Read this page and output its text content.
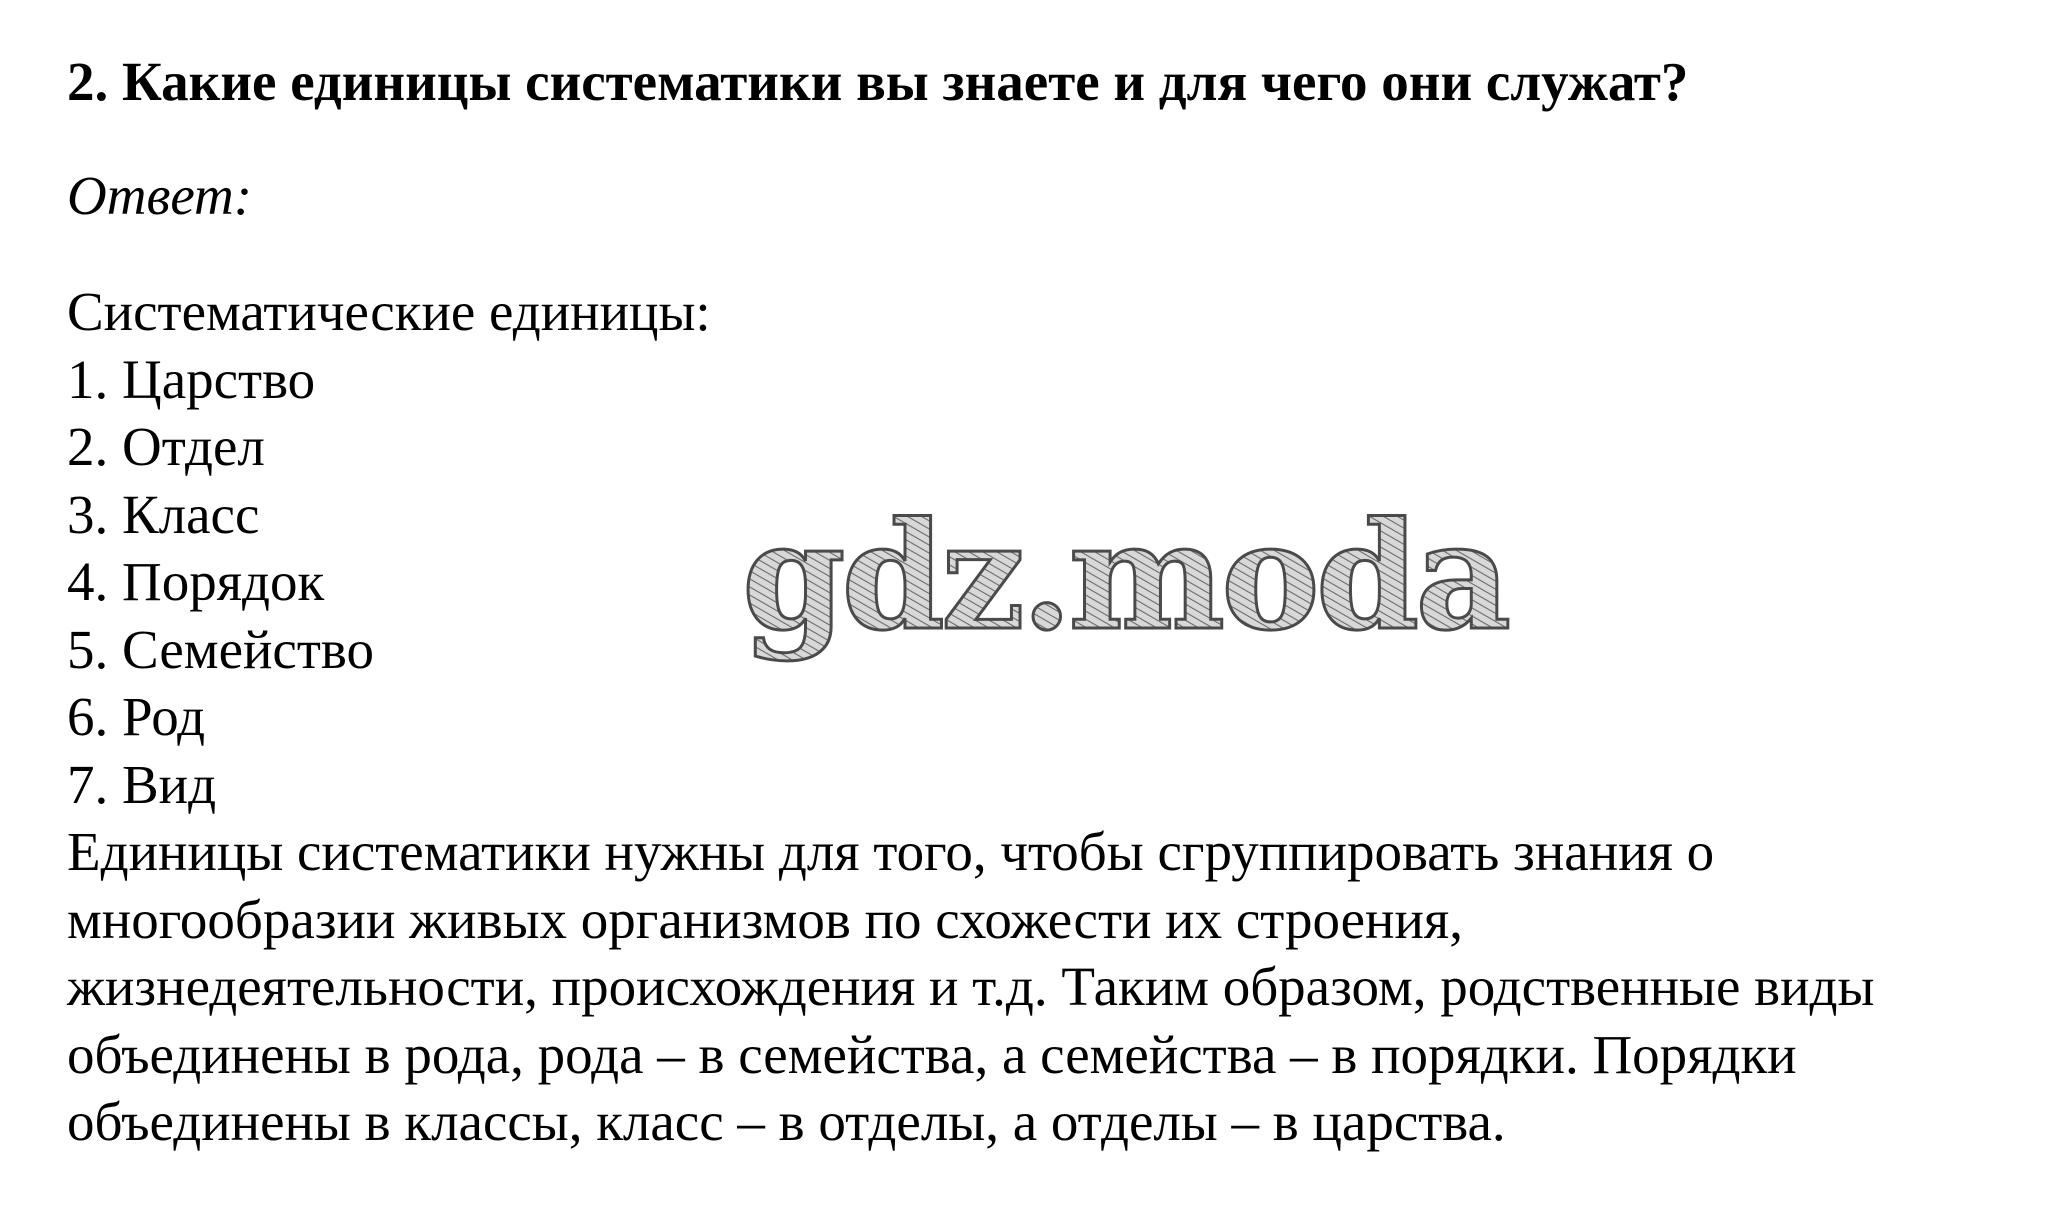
2. Какие единицы систематики вы знаете и для чего они служат?
Ответ:
Систематические единицы:
1. Царство
2. Отдел
3. Класс
4. Порядок
5. Семейство
6. Род
7. Вид
Единицы систематики нужны для того, чтобы сгруппировать знания о
многообразии живых организмов по схожести их строения,
жизнедеятельности, происхождения и т.д. Таким образом, родственные виды
объединены в рода, рода – в семейства, а семейства – в порядки. Порядки
объединены в классы, класс – в отделы, а отделы – в царства.
gdz.moda
